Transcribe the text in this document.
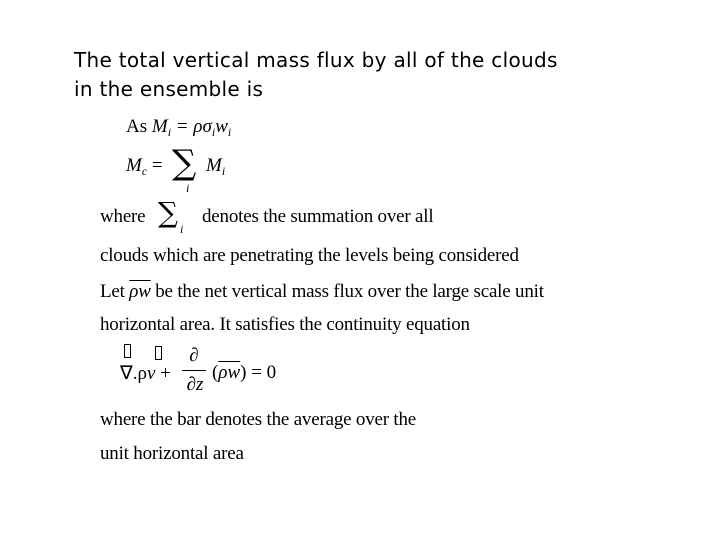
The total vertical mass flux by all of the clouds
in the ensemble is
As $M_i = \rho\sigma_iw_i$
$M_c$ = ∑
i
$M_i$
where ∑ i
denotes the summation over all
clouds which are penetrating the levels being considered
Let $\overline{\rho w}$ be the net vertical mass flux over the large scale unit
horizontal area. It satisfies the continuity equation
∇.ρv +
∂
∂z
$(\overline{\rho w}) = 0$
where the bar denotes the average over the
unit horizontal area
